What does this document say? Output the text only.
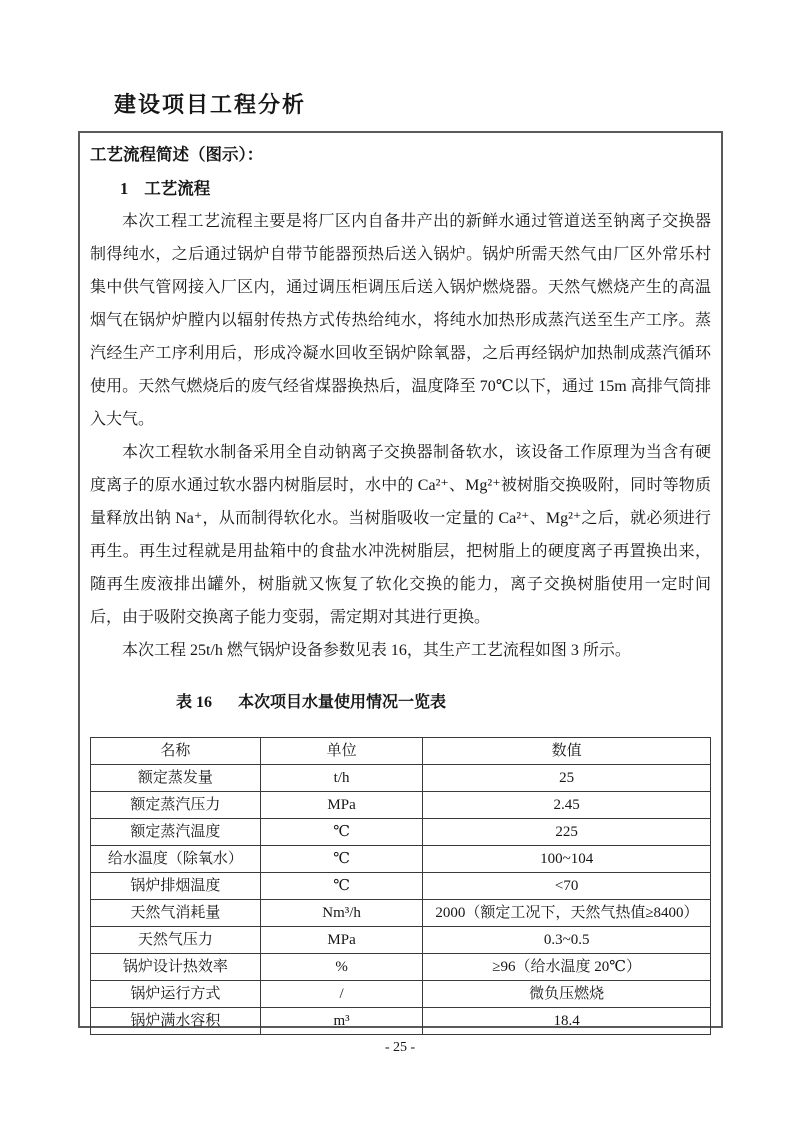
建设项目工程分析
工艺流程简述（图示）：
1 工艺流程

本次工程工艺流程主要是将厂区内自备井产出的新鲜水通过管道送至钠离子交换器制得纯水，之后通过锅炉自带节能器预热后送入锅炉。锅炉所需天然气由厂区外常乐村集中供气管网接入厂区内，通过调压柜调压后送入锅炉燃烧器。天然气燃烧产生的高温烟气在锅炉炉膛内以辐射传热方式传热给纯水，将纯水加热形成蒸汽送至生产工序。蒸汽经生产工序利用后，形成冷凝水回收至锅炉除氧器，之后再经锅炉加热制成蒸汽循环使用。天然气燃烧后的废气经省煤器换热后，温度降至 70℃以下，通过 15m 高排气筒排入大气。

本次工程软水制备采用全自动钠离子交换器制备软水，该设备工作原理为当含有硬度离子的原水通过软水器内树脂层时，水中的 Ca²⁺、Mg²⁺被树脂交换吸附，同时等物质量释放出钠 Na⁺，从而制得软化水。当树脂吸收一定量的 Ca²⁺、Mg²⁺之后，就必须进行再生。再生过程就是用盐箱中的食盐水冲洗树脂层，把树脂上的硬度离子再置换出来，随再生废液排出罐外，树脂就又恢复了软化交换的能力，离子交换树脂使用一定时间后，由于吸附交换离子能力变弱，需定期对其进行更换。

本次工程 25t/h 燃气锅炉设备参数见表 16，其生产工艺流程如图 3 所示。

表 16 本次项目水量使用情况一览表
名称	单位	数值
额定蒸发量	t/h	25
额定蒸汽压力	MPa	2.45
额定蒸汽温度	℃	225
给水温度（除氧水）	℃	100~104
锅炉排烟温度	℃	<70
天然气消耗量	Nm³/h	2000（额定工况下，天然气热值≥8400）
天然气压力	MPa	0.3~0.5
锅炉设计热效率	%	≥96（给水温度 20℃）
锅炉运行方式	/	微负压燃烧
锅炉满水容积	m³	18.4
- 25 -
